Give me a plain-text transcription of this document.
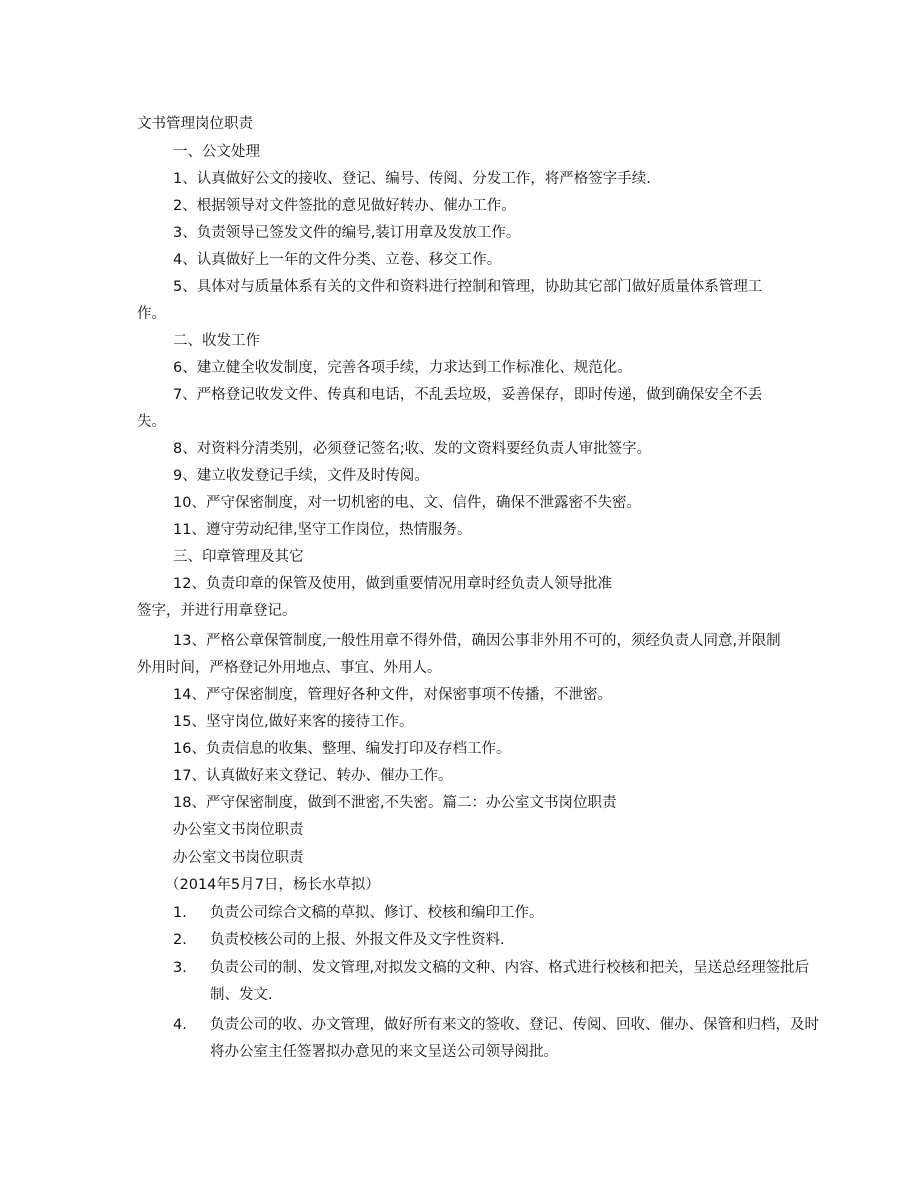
文书管理岗位职责
一、公文处理
1、认真做好公文的接收、登记、编号、传阅、分发工作，将严格签字手续.
2、根据领导对文件签批的意见做好转办、催办工作。
3、负责领导已签发文件的编号,装订用章及发放工作。
4、认真做好上一年的文件分类、立卷、移交工作。
5、具体对与质量体系有关的文件和资料进行控制和管理，协助其它部门做好质量体系管理工作。
二、收发工作
6、建立健全收发制度，完善各项手续，力求达到工作标准化、规范化。
7、严格登记收发文件、传真和电话，不乱丢垃圾，妥善保存，即时传递，做到确保安全不丢失。
8、对资料分清类别，必须登记签名;收、发的文资料要经负责人审批签字。
9、建立收发登记手续，文件及时传阅。
10、严守保密制度，对一切机密的电、文、信件，确保不泄露密不失密。
11、遵守劳动纪律,坚守工作岗位，热情服务。
三、印章管理及其它
12、负责印章的保管及使用，做到重要情况用章时经负责人领导批准
签字，并进行用章登记。
13、严格公章保管制度,一般性用章不得外借，确因公事非外用不可的，须经负责人同意,并限制外用时间，严格登记外用地点、事宜、外用人。
14、严守保密制度，管理好各种文件，对保密事项不传播，不泄密。
15、坚守岗位,做好来客的接待工作。
16、负责信息的收集、整理、编发打印及存档工作。
17、认真做好来文登记、转办、催办工作。
18、严守保密制度，做到不泄密,不失密。篇二：办公室文书岗位职责
办公室文书岗位职责
办公室文书岗位职责
（2014年5月7日，杨长水草拟）
1. 负责公司综合文稿的草拟、修订、校核和编印工作。
2. 负责校核公司的上报、外报文件及文字性资料.
3. 负责公司的制、发文管理,对拟发文稿的文种、内容、格式进行校核和把关，呈送总经理签批后制、发文.
4. 负责公司的收、办文管理，做好所有来文的签收、登记、传阅、回收、催办、保管和归档，及时将办公室主任签署拟办意见的来文呈送公司领导阅批。
